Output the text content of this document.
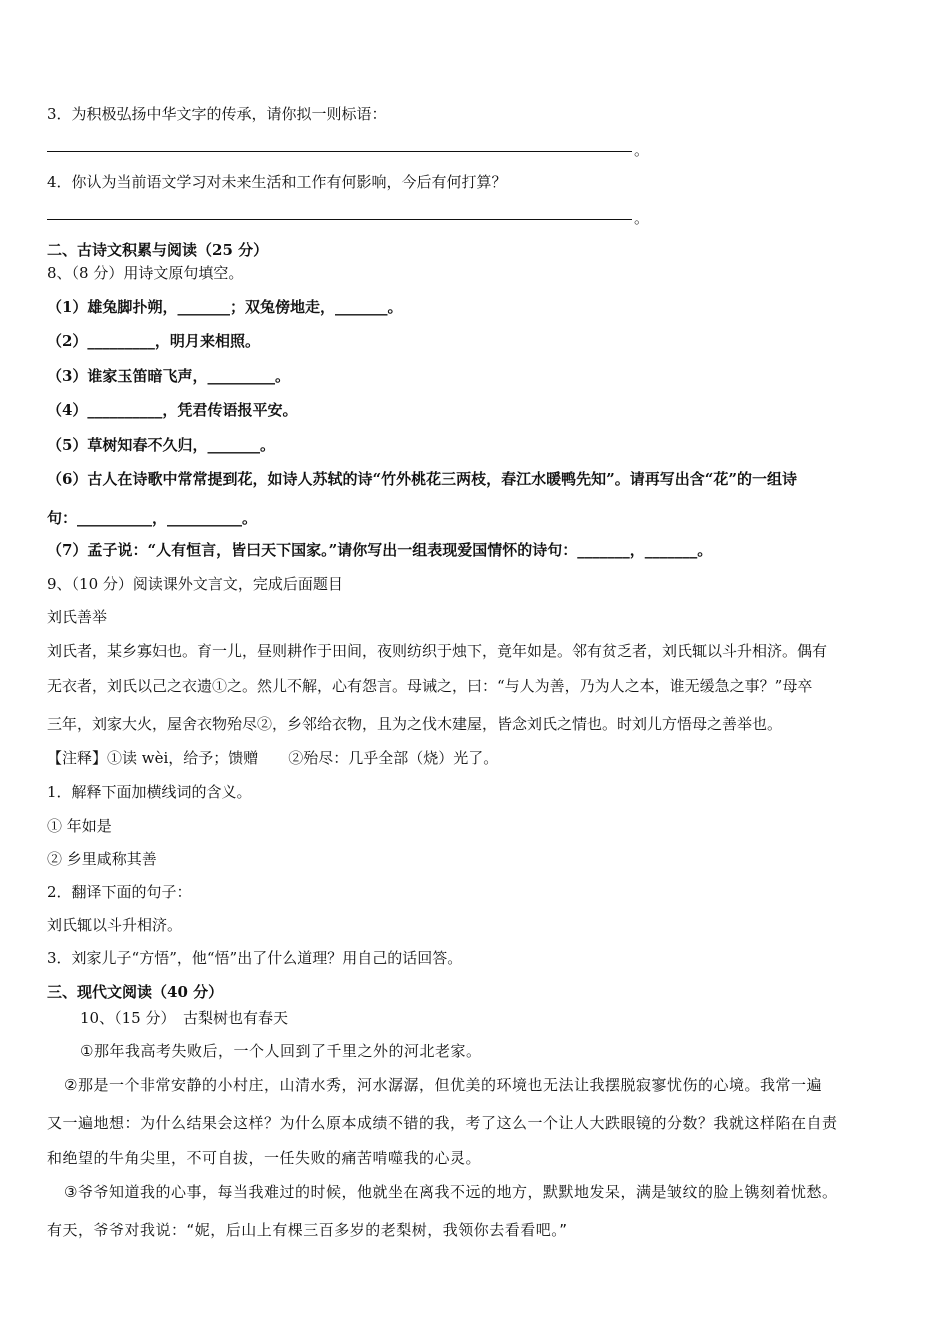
3．为积极弘扬中华文字的传承，请你拟一则标语：
。
4．你认为当前语文学习对未来生活和工作有何影响，今后有何打算？
。
二、古诗文积累与阅读（25 分）
8、（8 分）用诗文原句填空。
（1）雄兔脚扑朔，_______；双兔傍地走，_______。
（2）_________，明月来相照。
（3）谁家玉笛暗飞声，_________。
（4）__________，凭君传语报平安。
（5）草树知春不久归，_______。
（6）古人在诗歌中常常提到花，如诗人苏轼的诗“竹外桃花三两枝，春江水暖鸭先知”。请再写出含“花”的一组诗
句：__________，__________。
（7）孟子说：“人有恒言，皆曰天下国家。”请你写出一组表现爱国情怀的诗句：_______，_______。
9、（10 分）阅读课外文言文，完成后面题目
刘氏善举
刘氏者，某乡寡妇也。育一儿，昼则耕作于田间，夜则纺织于烛下，竟年如是。邻有贫乏者，刘氏辄以斗升相济。偶有
无衣者，刘氏以己之衣遗①之。然儿不解，心有怨言。母诫之，曰：“与人为善，乃为人之本，谁无缓急之事？”母卒
三年，刘家大火，屋舍衣物殆尽②，乡邻给衣物，且为之伐木建屋，皆念刘氏之情也。时刘儿方悟母之善举也。
【注释】①读 wèi，给予；馈赠　　②殆尽：几乎全部（烧）光了。
1．解释下面加横线词的含义。
① 年如是
② 乡里咸称其善
2．翻译下面的句子：
刘氏辄以斗升相济。
3．刘家儿子“方悟”，他“悟”出了什么道理？用自己的话回答。
三、现代文阅读（40 分）
10、（15 分）　古梨树也有春天
①那年我高考失败后，一个人回到了千里之外的河北老家。
②那是一个非常安静的小村庄，山清水秀，河水潺潺，但优美的环境也无法让我摆脱寂寥忧伤的心境。我常一遍
又一遍地想：为什么结果会这样？为什么原本成绩不错的我，考了这么一个让人大跌眼镜的分数？我就这样陷在自责
和绝望的牛角尖里，不可自拔，一任失败的痛苦啃噬我的心灵。
③爷爷知道我的心事，每当我难过的时候，他就坐在离我不远的地方，默默地发呆，满是皱纹的脸上镌刻着忧愁。
有天，爷爷对我说：“妮，后山上有棵三百多岁的老梨树，我领你去看看吧。”
